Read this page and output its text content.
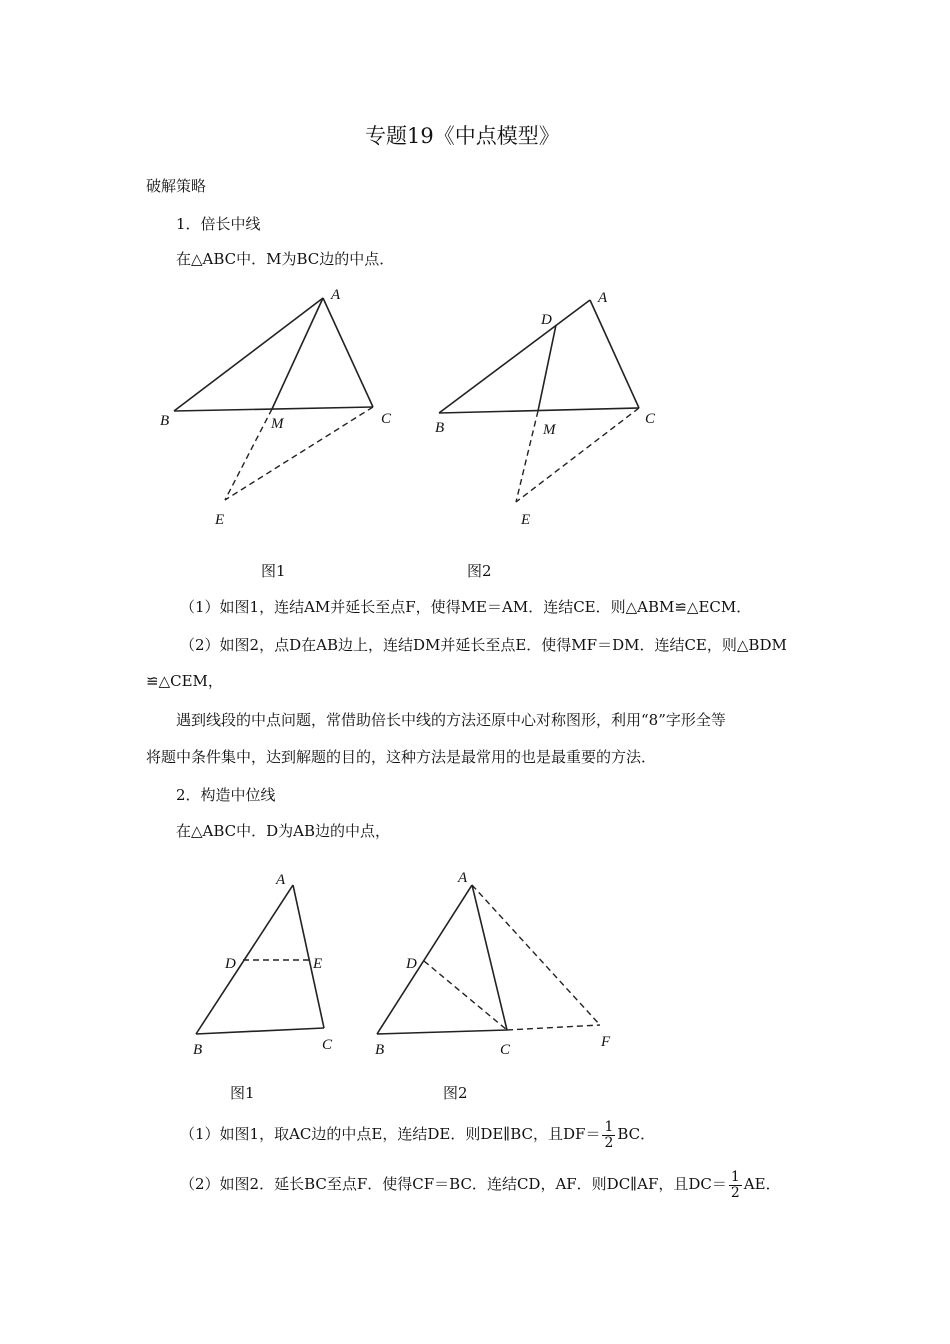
专题19《中点模型》
破解策略
1．倍长中线
在△ABC中．M为BC边的中点．
A
B	C
M
E
A
D
B
C
M
E
图1	图2
（1）如图1，连结AM并延长至点F，使得ME＝AM．连结CE．则△ABM≌△ECM．
（2）如图2，点D在AB边上，连结DM并延长至点E．使得MF＝DM．连结CE，则△BDM
≌△CEM，
遇到线段的中点问题，常借助倍长中线的方法还原中心对称图形，利用“8”字形全等
将题中条件集中，达到解题的目的，这种方法是最常用的也是最重要的方法．
2．构造中位线
在△ABC中．D为AB边的中点，
A
D	E
B	C
A
D
B	C	F
图1	图2
（1）如图1，取AC边的中点E，连结DE．则DE∥BC，且$DF= \frac{1}{2}$ BC．
（2）如图2．延长BC至点F．使得CF＝BC．连结CD，AF．则DC∥AF，且$DC= \frac{1}{2}$ AE．
